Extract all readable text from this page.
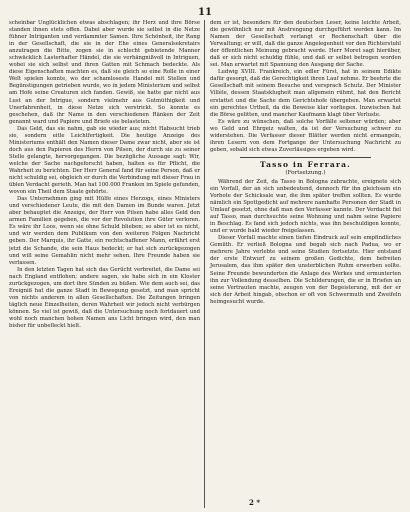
11

scheinbar Unglücklichen etwas abschlagen; ihr Herz und ihre Börse standen ihnen stets offen. Dabei aber wurde sie selbst in die Netze fühner Intriganten und verdammter Samen. Ihre Schönheit, ihr Rang in der Gesellschaft, die sie in der Ehe eines Generalsekretairs anzutragen die Bitte, zogen sie in schlecht gebietende Manner schwäcklich Lasterhafter Händel, die sie verhängnißvoll in Intriguen, wobei sie sich selbst und ihren Gatten mit Schmach bedeckte. Als diese Eigenschaften machten es, daß sie gleich so eine Rolle in einer Welt spielen konnte, wo der schamloseste Handel mit Stellen und Begünstigungen getrieben wurde, wo in jedem Ministerium und selbst am Hofe seine Creaturen sich fanden. Gewiß, sie hatte gar nicht aus Lust an der Intrigue, sondern vielmehr aus Gutmüthigkeit und Unerfahrenheit, in diese Netze sich verstrickt. So konnte es geschehen, daß ihr Name in den verschiedenen Ränken der Zeit genannt ward und Papiere und Briefe sie belasteten.

Das Geld, das sie nahm, gab sie wieder aus; nicht Habsucht trieb sie, sondern eitle Leichtfertigkeit. Die heutige Anzeige des Ministeriums enthält den Namen dieser Dame zwar nicht, aber sie ist doch aus den Papieren des Herrn von Pilsen, der durch sie zu seiner Stelle gelangte, hervorgegangen. Die bezügliche Aussage sagt: Wir, welche der Sache nachgeforscht haben, halten es für Pflicht, die Wahrheit zu berichten. Der Herr General fand für seine Person, daß er nicht schuldig sei, obgleich er durch die Verbindung mit dieser Frau in üblen Verdacht gerieth. Man hat 100.000 Franken im Spiele gefunden, wovon ein Theil dem Staate gehörte.

Das Unternehmen ging mit Hülfe eines Herzogs, eines Ministers und verschiedener Leute, die mit den Damen im Bunde waren. Jetzt aber behauptet die Anzeige, der Herr von Pilsen habe alles Geld den armen Familien gegeben, die vor der Revolution ihre Güter verloren. Es wäre ihr Loos, wenn sie ohne Schuld blieben; so aber ist es nicht, und wir werden dem Publikum von den weiteren Folgen Nachricht geben. Der Marquis, ihr Gatte, ein rechtschaffener Mann, erfährt erst jetzt die Schande, die sein Haus bedeckt; er hat sich zurückgezogen und will seine Gemahlin nicht mehr sehen. Ihre Freunde haben sie verlassen.

In den letzten Tagen hat sich das Gerücht verbreitet, die Dame sei nach England entflohen; andere sagen, sie habe sich in ein Kloster zurückgezogen, um dort ihre Sünden zu büßen. Wie dem auch sei, das Ereigniß hat die ganze Stadt in Bewegung gesetzt, und man spricht von nichts anderem in allen Gesellschaften. Die Zeitungen bringen täglich neue Einzelheiten, deren Wahrheit wir jedoch nicht verbürgen können. So viel ist gewiß, daß die Untersuchung noch fortdauert und wohl noch manchen hohen Namen ans Licht bringen wird, den man bisher für unbefleckt hielt.

dem er ist, besonders für den deutschen Leser, keine leichte Arbeit, die gewöhnlich nur mit Anstrengung durchgeführt werden kann. Im Namen der Gesellschaft verlangt er Rechenschaft über die Verwaltung; er will, daß die ganze Angelegenheit vor den Richterstuhl der öffentlichen Meinung gebracht werde. Herr Moret sagt hierüber, daß er sich nicht schuldig fühle, und daß er selbst betrogen worden sei. Man erwartet mit Spannung den Ausgang der Sache.

Ludwig XVIII. Frankreich, ein edler Fürst, hat in seinem Edikte dafür gesorgt, daß die Gerechtigkeit ihren Lauf nehme. Er beehrte die Gesellschaft mit seinem Besuche und versprach Schutz. Der Minister Villèle, dessen Staatsklugheit man allgemein rühmt, hat den Bericht erstattet und die Sache dem Gerichtshofe übergeben. Man erwartet ein gerechtes Urtheil, da die Beweise klar vorliegen. Inzwischen hat die Börse gelitten, und mancher Kaufmann klagt über Verluste.

Es wäre zu wünschen, daß solche Vorfälle seltener würden; aber wo Geld und Ehrgeiz walten, da ist der Versuchung schwer zu widerstehen. Die Verfasser dieser Blätter werden nicht ermangeln, ihren Lesern von dem Fortgange der Untersuchung Nachricht zu geben, sobald sich etwas Zuverlässiges ergeben wird.

Tasso in Ferrara.
(Fortsetzung.)

Während der Zeit, da Tasso in Bologna zubrachte, ereignete sich ein Vorfall, der an sich unbedeutend, dennoch für ihn gleichsam ein Vorbote der Schicksale war, die ihm später treffen sollten. Es wurde nämlich ein Spottgedicht auf mehrere namhafte Personen der Stadt in Umlauf gesetzt, ohne daß man den Verfasser kannte. Der Verdacht fiel auf Tasso, man durchsuchte seine Wohnung und nahm seine Papiere in Beschlag. Es fand sich jedoch nichts, was ihn beschuldigen konnte, und er wurde bald wieder freigelassen.

Dieser Vorfall machte einen tiefen Eindruck auf sein empfindliches Gemüth. Er verließ Bologna und begab sich nach Padua, wo er mehrere Jahre verlebte und seine Studien fortsetzte. Hier entstand der erste Entwurf zu seinem großen Gedichte, dem befreiten Jerusalem, das ihm später den unsterblichen Ruhm erwerben sollte. Seine Freunde bewunderten die Anlage des Werkes und ermunterten ihn zur Vollendung desselben. Die Schilderungen, die er in Briefen an seine Vertrauten machte, zeugen von der Begeisterung, mit der er sich der Arbeit hingab, obschon er oft von Schwermuth und Zweifeln heimgesucht wurde.

2 *
